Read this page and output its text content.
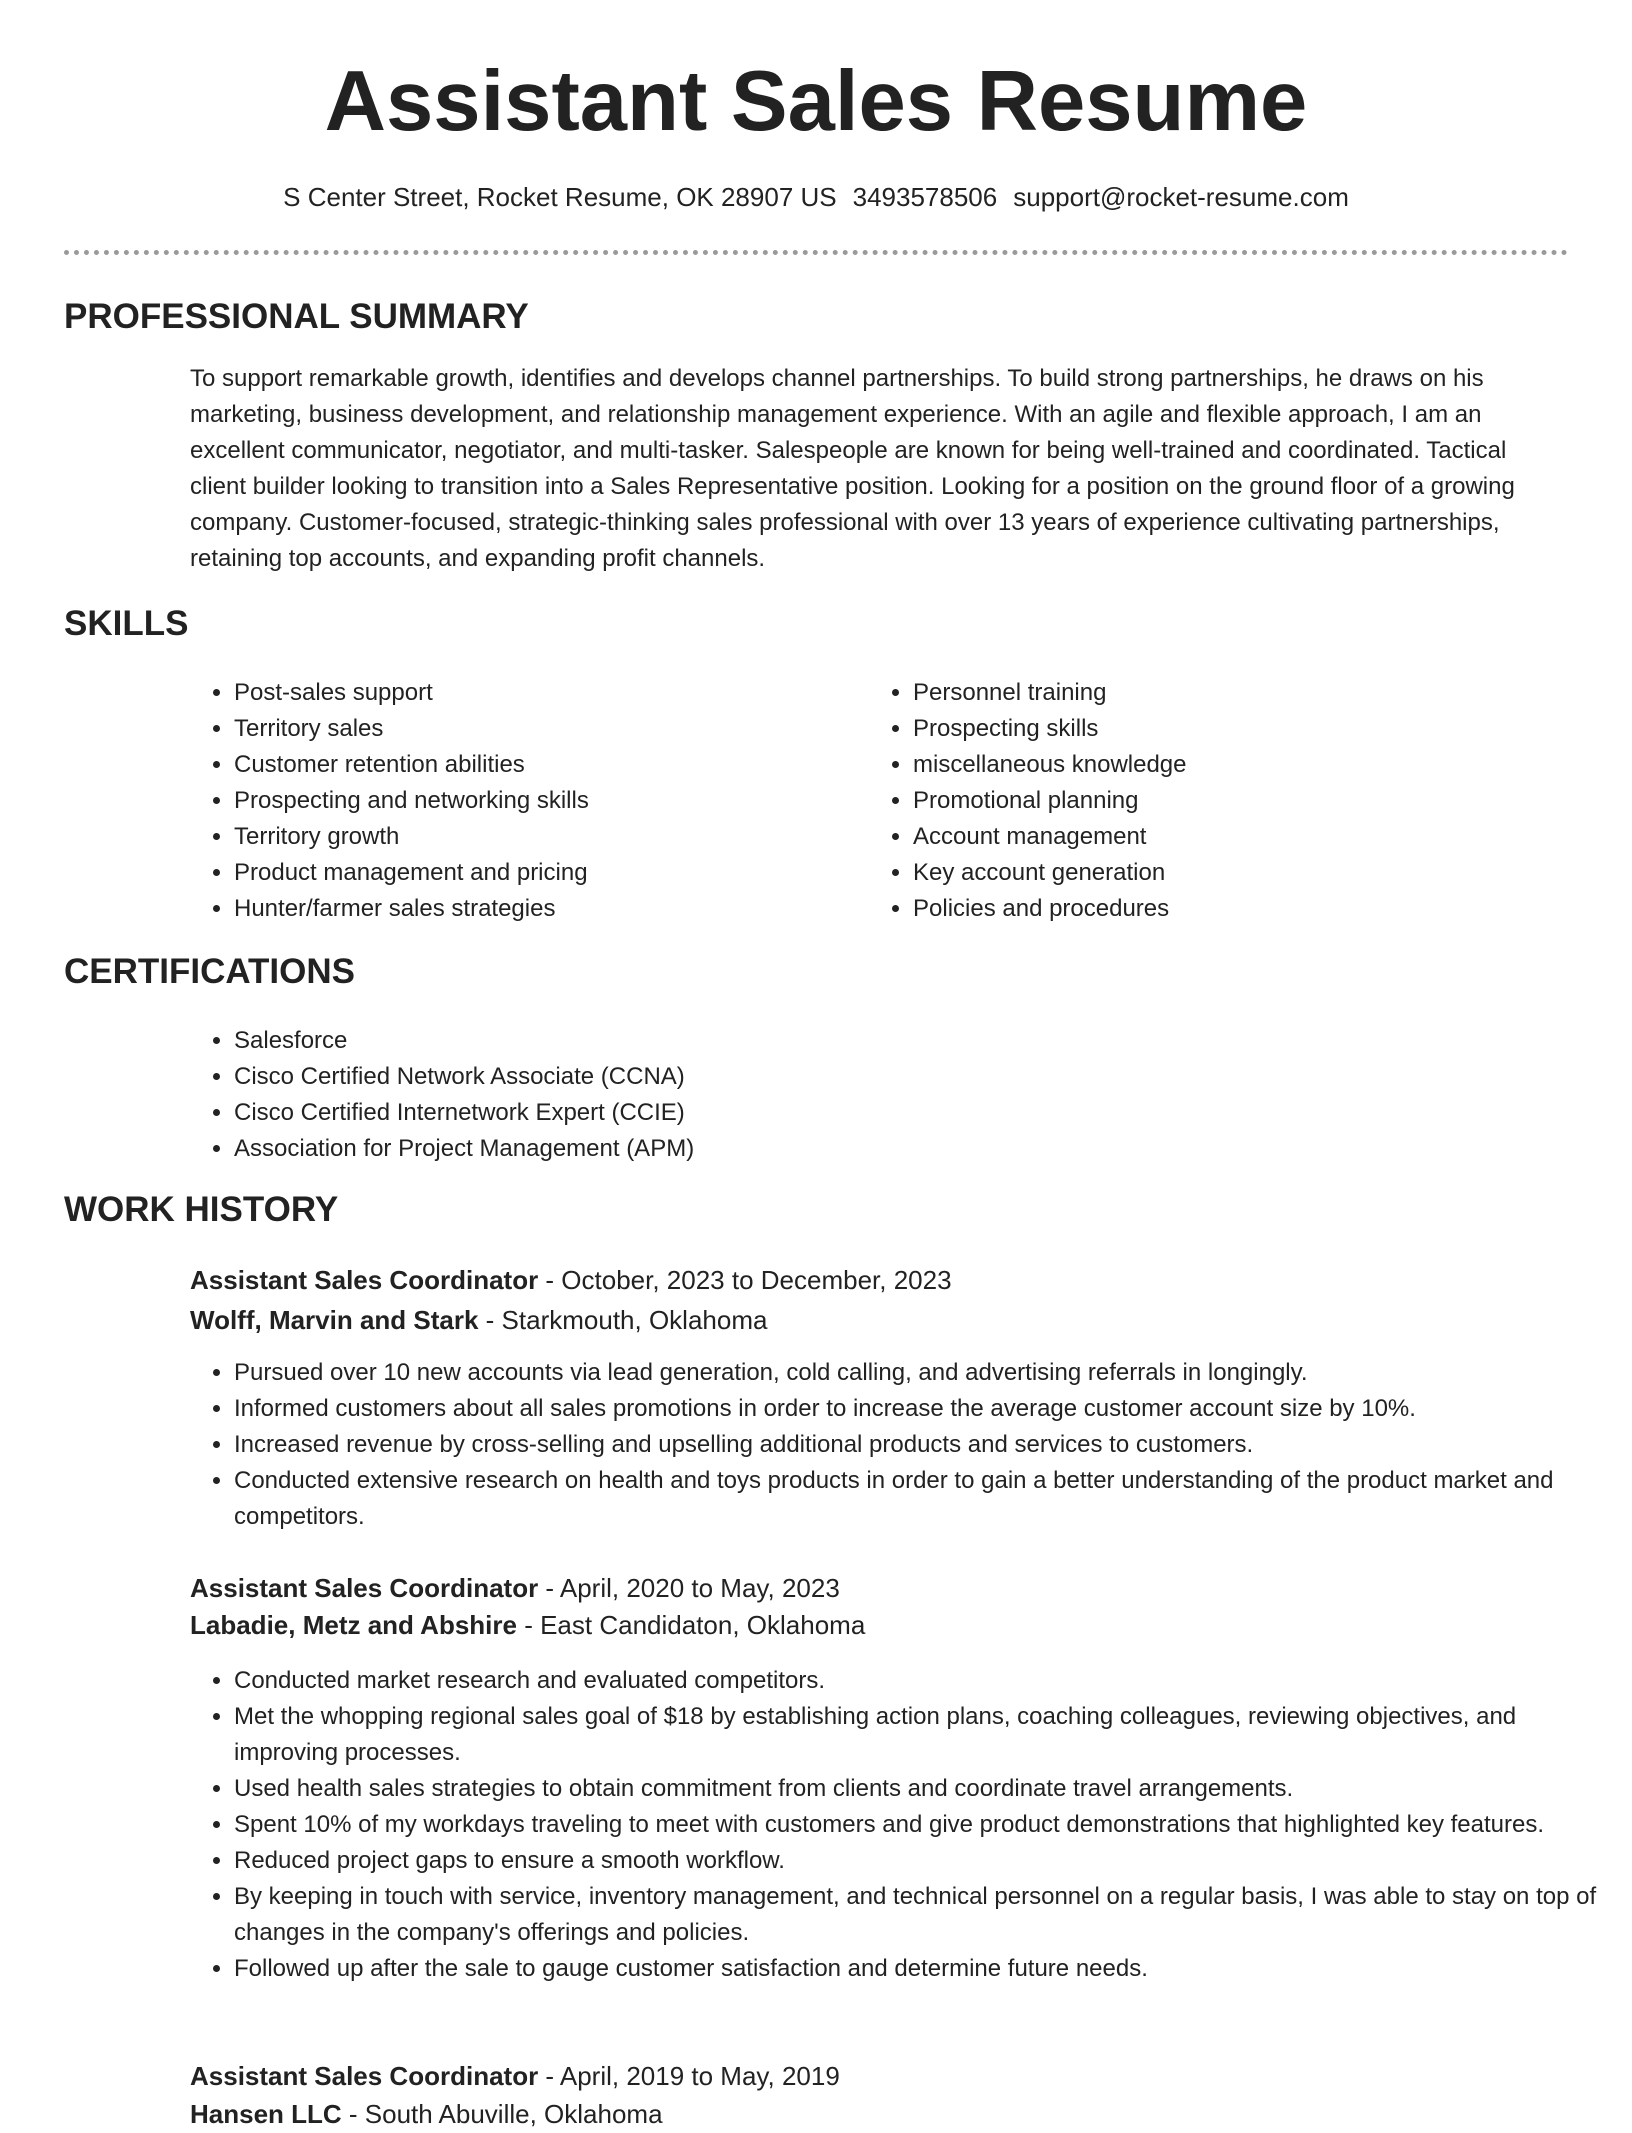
Assistant Sales Resume
S Center Street, Rocket Resume, OK 28907 US 3493578506 support@rocket-resume.com
PROFESSIONAL SUMMARY
To support remarkable growth, identifies and develops channel partnerships. To build strong partnerships, he draws on his marketing, business development, and relationship management experience. With an agile and flexible approach, I am an excellent communicator, negotiator, and multi-tasker. Salespeople are known for being well-trained and coordinated. Tactical client builder looking to transition into a Sales Representative position. Looking for a position on the ground floor of a growing company. Customer-focused, strategic-thinking sales professional with over 13 years of experience cultivating partnerships, retaining top accounts, and expanding profit channels.
SKILLS
• Post-sales support
• Territory sales
• Customer retention abilities
• Prospecting and networking skills
• Territory growth
• Product management and pricing
• Hunter/farmer sales strategies
• Personnel training
• Prospecting skills
• miscellaneous knowledge
• Promotional planning
• Account management
• Key account generation
• Policies and procedures
CERTIFICATIONS
• Salesforce
• Cisco Certified Network Associate (CCNA)
• Cisco Certified Internetwork Expert (CCIE)
• Association for Project Management (APM)
WORK HISTORY
Assistant Sales Coordinator - October, 2023 to December, 2023
Wolff, Marvin and Stark - Starkmouth, Oklahoma
• Pursued over 10 new accounts via lead generation, cold calling, and advertising referrals in longingly.
• Informed customers about all sales promotions in order to increase the average customer account size by 10%.
• Increased revenue by cross-selling and upselling additional products and services to customers.
• Conducted extensive research on health and toys products in order to gain a better understanding of the product market and competitors.
Assistant Sales Coordinator - April, 2020 to May, 2023
Labadie, Metz and Abshire - East Candidaton, Oklahoma
• Conducted market research and evaluated competitors.
• Met the whopping regional sales goal of $18 by establishing action plans, coaching colleagues, reviewing objectives, and improving processes.
• Used health sales strategies to obtain commitment from clients and coordinate travel arrangements.
• Spent 10% of my workdays traveling to meet with customers and give product demonstrations that highlighted key features.
• Reduced project gaps to ensure a smooth workflow.
• By keeping in touch with service, inventory management, and technical personnel on a regular basis, I was able to stay on top of changes in the company's offerings and policies.
• Followed up after the sale to gauge customer satisfaction and determine future needs.
Assistant Sales Coordinator - April, 2019 to May, 2019
Hansen LLC - South Abuville, Oklahoma
